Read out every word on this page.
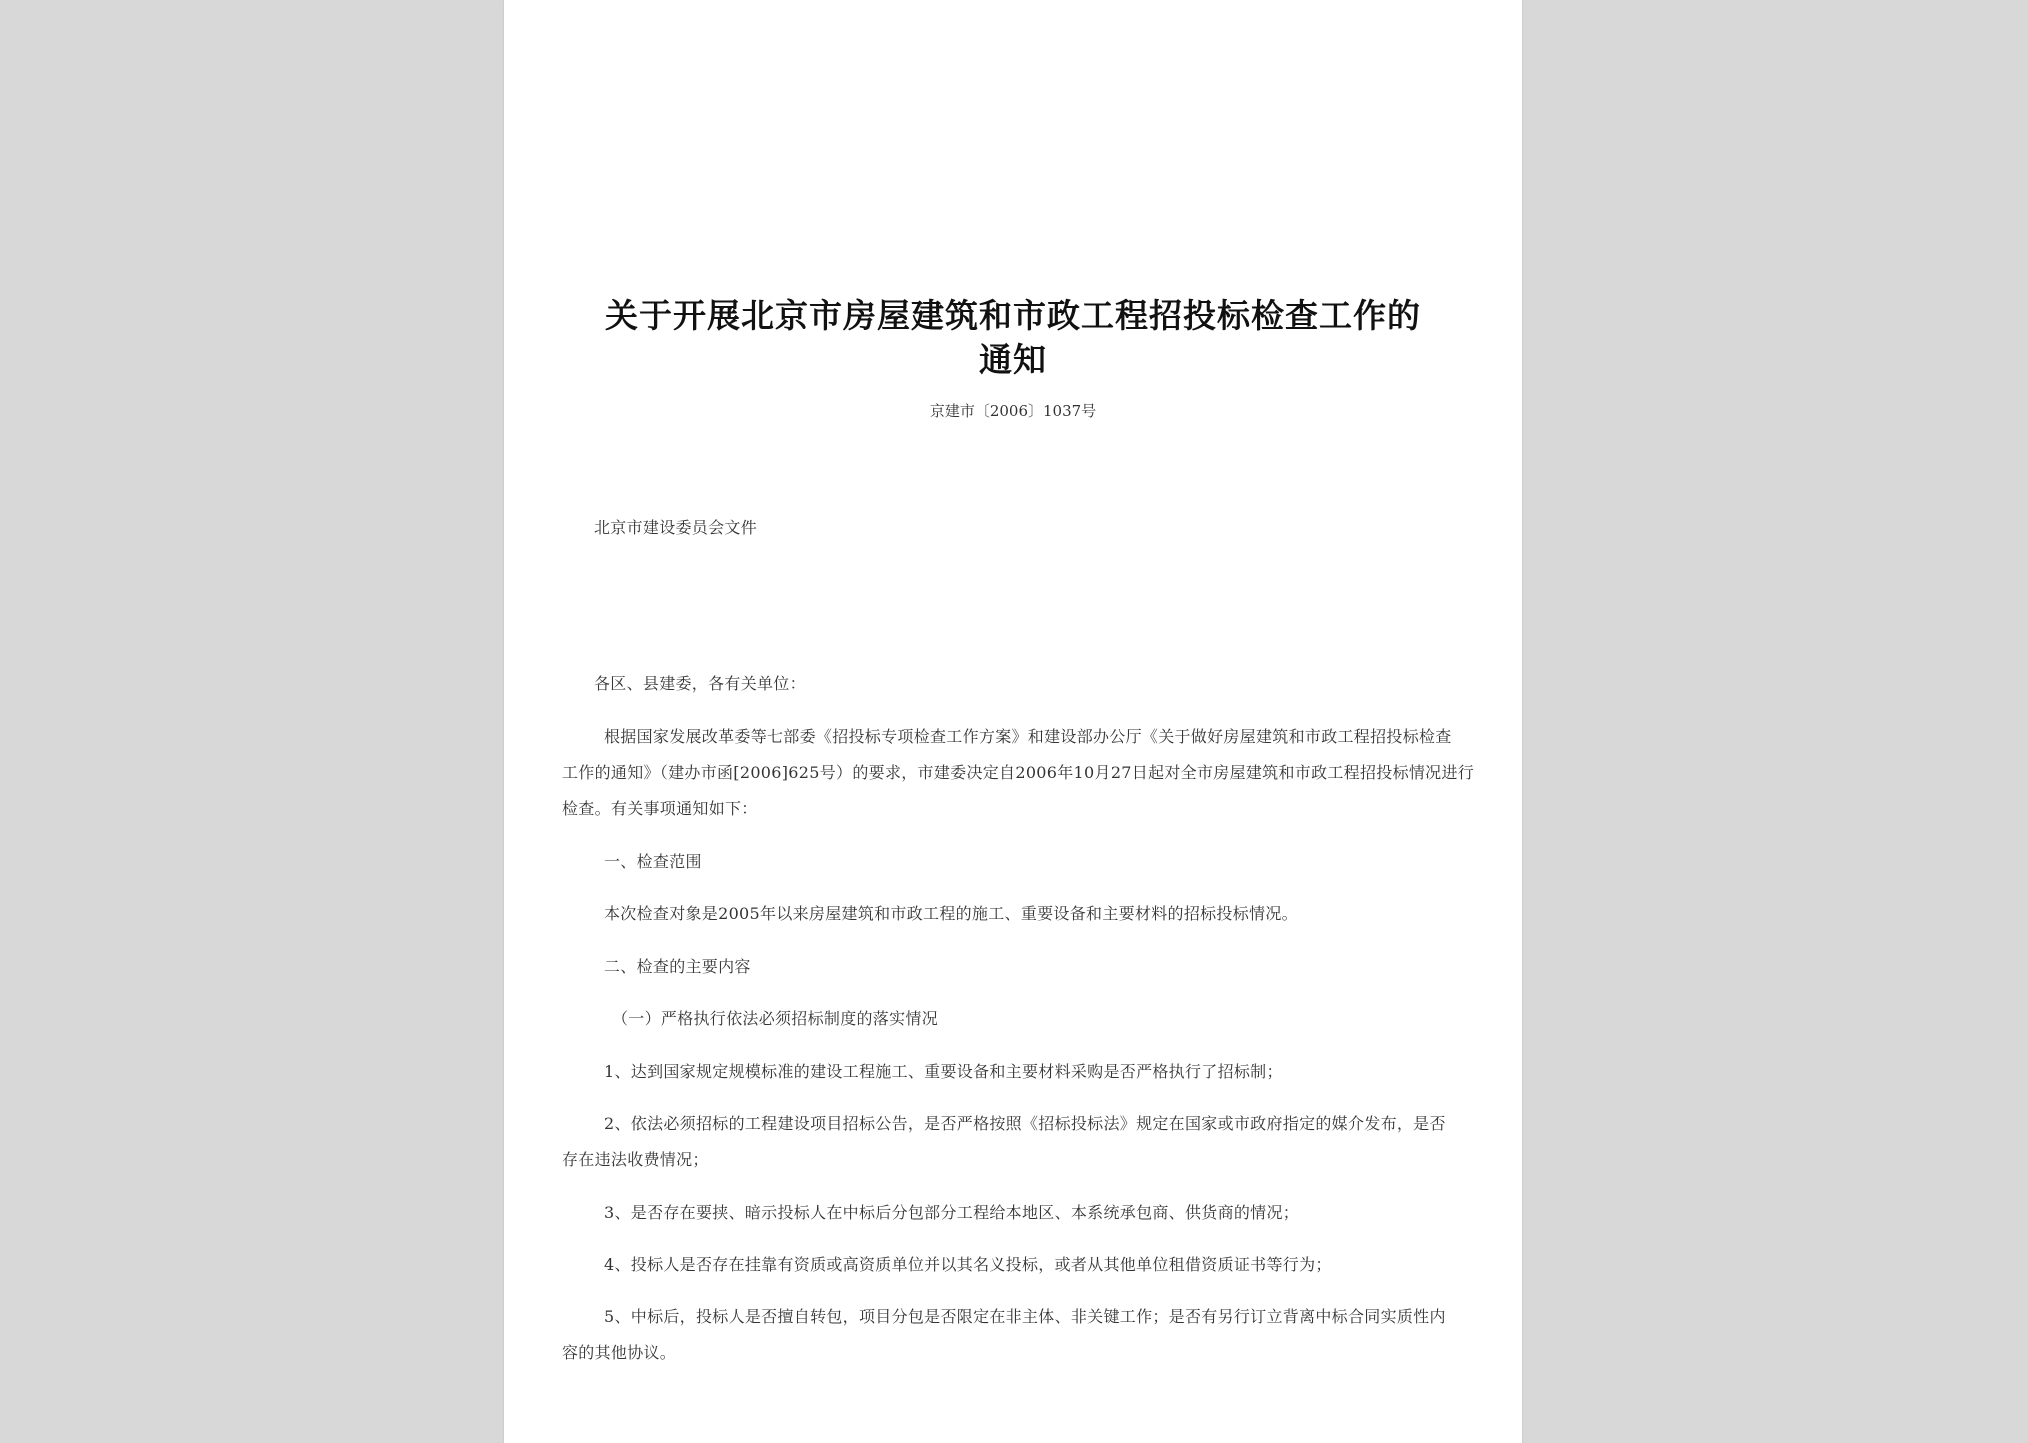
关于开展北京市房屋建筑和市政工程招投标检查工作的
通知
京建市〔2006〕1037号
北京市建设委员会文件
各区、县建委，各有关单位：
根据国家发展改革委等七部委《招投标专项检查工作方案》和建设部办公厅《关于做好房屋建筑和市政工程招投标检查
工作的通知》（建办市函[2006]625号）的要求，市建委决定自2006年10月27日起对全市房屋建筑和市政工程招投标情况进行
检查。有关事项通知如下：
一、检查范围
本次检查对象是2005年以来房屋建筑和市政工程的施工、重要设备和主要材料的招标投标情况。
二、检查的主要内容
（一）严格执行依法必须招标制度的落实情况
1、达到国家规定规模标准的建设工程施工、重要设备和主要材料采购是否严格执行了招标制；
2、依法必须招标的工程建设项目招标公告，是否严格按照《招标投标法》规定在国家或市政府指定的媒介发布，是否
存在违法收费情况；
3、是否存在要挟、暗示投标人在中标后分包部分工程给本地区、本系统承包商、供货商的情况；
4、投标人是否存在挂靠有资质或高资质单位并以其名义投标，或者从其他单位租借资质证书等行为；
5、中标后，投标人是否擅自转包，项目分包是否限定在非主体、非关键工作；是否有另行订立背离中标合同实质性内
容的其他协议。
